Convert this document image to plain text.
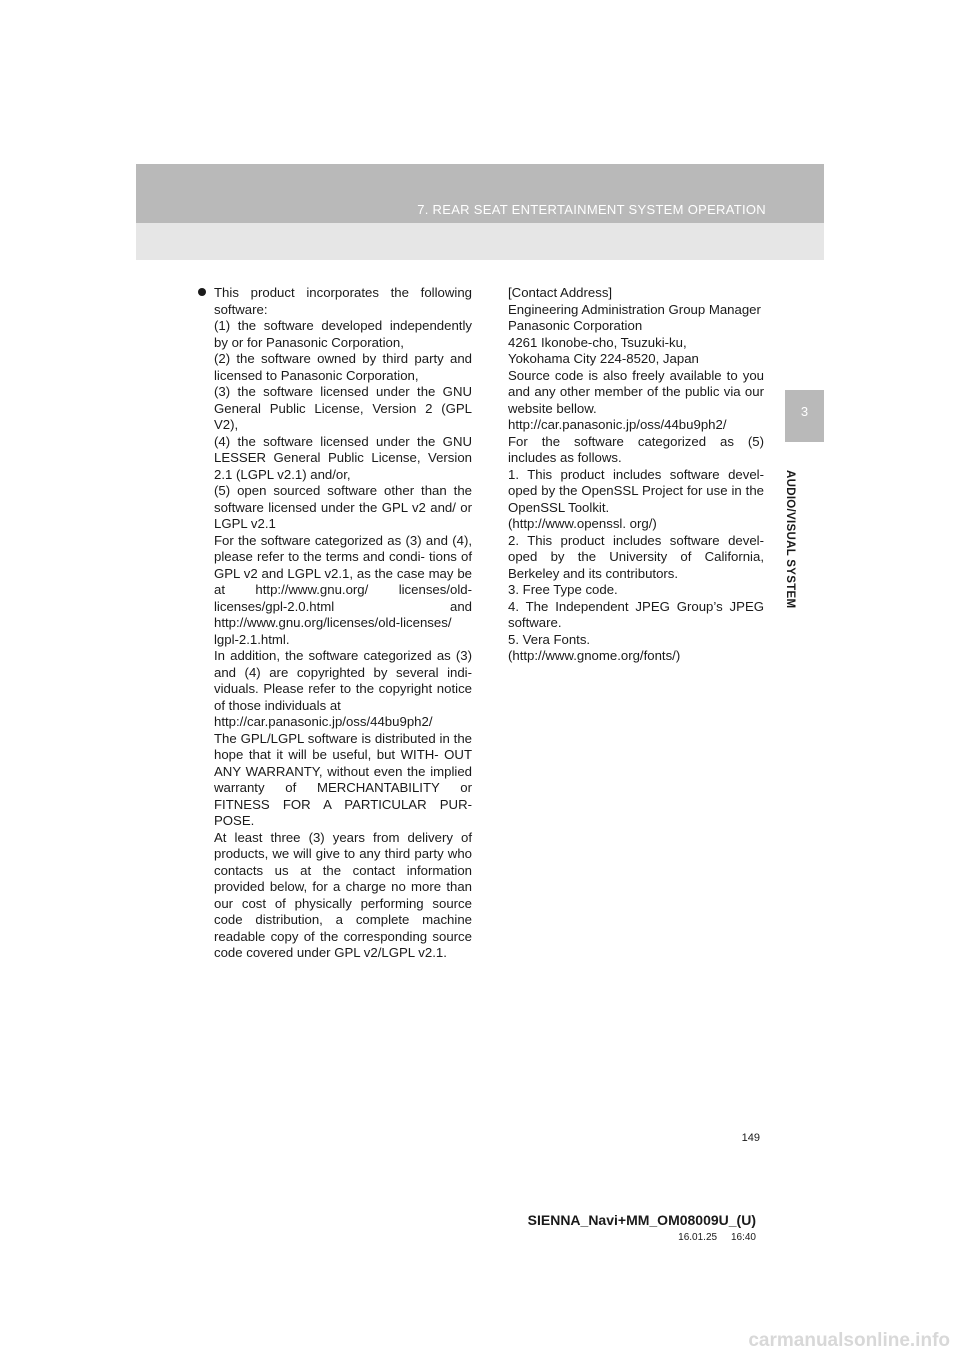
7. REAR SEAT ENTERTAINMENT SYSTEM OPERATION
3
AUDIO/VISUAL SYSTEM
This product incorporates the following software:
(1) the software developed independently by or for Panasonic Corporation,
(2) the software owned by third party and licensed to Panasonic Corporation,
(3) the software licensed under the GNU General Public License, Version 2 (GPL V2),
(4) the software licensed under the GNU LESSER General Public License, Version 2.1 (LGPL v2.1) and/or,
(5) open sourced software other than the software licensed under the GPL v2 and/ or LGPL v2.1
For the software categorized as (3) and (4), please refer to the terms and condi- tions of GPL v2 and LGPL v2.1, as the case may be at http://www.gnu.org/ licenses/old-licenses/gpl-2.0.html and http://www.gnu.org/licenses/old-licenses/ lgpl-2.1.html.
In addition, the software categorized as (3) and (4) are copyrighted by several indi- viduals. Please refer to the copyright notice of those individuals at
http://car.panasonic.jp/oss/44bu9ph2/
The GPL/LGPL software is distributed in the hope that it will be useful, but WITH- OUT ANY WARRANTY, without even the implied warranty of MERCHANTABILITY or FITNESS FOR A PARTICULAR PUR- POSE.
At least three (3) years from delivery of products, we will give to any third party who contacts us at the contact information provided below, for a charge no more than our cost of physically performing source code distribution, a complete machine readable copy of the corresponding source code covered under GPL v2/LGPL v2.1.
[Contact Address]
Engineering Administration Group Manager
Panasonic Corporation
4261 Ikonobe-cho, Tsuzuki-ku,
Yokohama City 224-8520, Japan
Source code is also freely available to you and any other member of the public via our website bellow.
http://car.panasonic.jp/oss/44bu9ph2/
For the software categorized as (5) includes as follows.
1. This product includes software devel- oped by the OpenSSL Project for use in the OpenSSL Toolkit.
(http://www.openssl. org/)
2. This product includes software devel- oped by the University of California, Berkeley and its contributors.
3. Free Type code.
4. The Independent JPEG Group’s JPEG software.
5. Vera Fonts.
(http://www.gnome.org/fonts/)
149
SIENNA_Navi+MM_OM08009U_(U)
16.01.25     16:40
carmanualsonline.info
